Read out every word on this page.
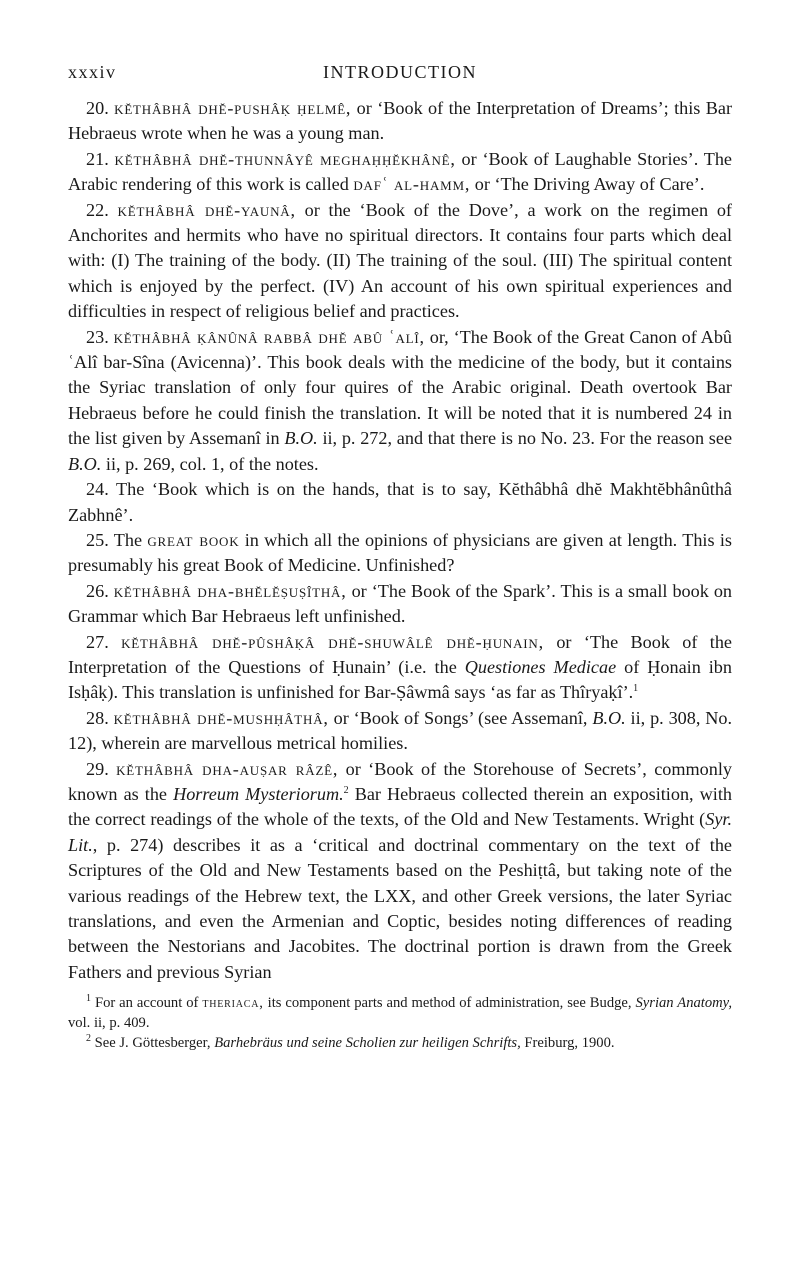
xxxiv	INTRODUCTION

20. kĕthâbhâ dhĕ-pushâḳ ḥelmê, or ‘Book of the Interpretation of Dreams’; this Bar Hebraeus wrote when he was a young man.

21. kĕthâbhâ dhĕ-thunnâyê meghaḥḥĕkhânê, or ‘Book of Laughable Stories’. The Arabic rendering of this work is called dafʿ al-hamm, or ‘The Driving Away of Care’.

22. kĕthâbhâ dhĕ-yaunâ, or the ‘Book of the Dove’, a work on the regimen of Anchorites and hermits who have no spiritual directors. It contains four parts which deal with: (I) The training of the body. (II) The training of the soul. (III) The spiritual content which is enjoyed by the perfect. (IV) An account of his own spiritual experiences and difficulties in respect of religious belief and practices.

23. kĕthâbhâ ḳânûnâ rabbâ dhĕ abû ʿalî, or, ‘The Book of the Great Canon of Abû ʿAlî bar-Sîna (Avicenna)’. This book deals with the medicine of the body, but it contains the Syriac translation of only four quires of the Arabic original. Death overtook Bar Hebraeus before he could finish the translation. It will be noted that it is numbered 24 in the list given by Assemanî in B.O. ii, p. 272, and that there is no No. 23. For the reason see B.O. ii, p. 269, col. 1, of the notes.

24. The ‘Book which is on the hands, that is to say, Kĕthâbhâ dhĕ Makhtĕbhânûthâ Zabhnê’.

25. The great book in which all the opinions of physicians are given at length. This is presumably his great Book of Medicine. Unfinished?

26. kĕthâbhâ dha-bhĕlĕṣuṣîthâ, or ‘The Book of the Spark’. This is a small book on Grammar which Bar Hebraeus left unfinished.

27. kĕthâbhâ dhĕ-pûshâḳâ dhĕ-shuwâlê dhĕ-ḥunain, or ‘The Book of the Interpretation of the Questions of Ḥunain’ (i.e. the Questiones Medicae of Ḥonain ibn Isḥâḳ). This translation is unfinished for Bar-Ṣâwmâ says ‘as far as Thîryaḳî’.$^1$

28. kĕthâbhâ dhĕ-mushḥâthâ, or ‘Book of Songs’ (see Assemanî, B.O. ii, p. 308, No. 12), wherein are marvellous metrical homilies.

29. kĕthâbhâ dha-auṣar râzê, or ‘Book of the Storehouse of Secrets’, commonly known as the Horreum Mysteriorum.$^2$ Bar Hebraeus collected therein an exposition, with the correct readings of the whole of the texts, of the Old and New Testaments. Wright (Syr. Lit., p. 274) describes it as a ‘critical and doctrinal commentary on the text of the Scriptures of the Old and New Testaments based on the Peshiṭtâ, but taking note of the various readings of the Hebrew text, the LXX, and other Greek versions, the later Syriac translations, and even the Armenian and Coptic, besides noting differences of reading between the Nestorians and Jacobites. The doctrinal portion is drawn from the Greek Fathers and previous Syrian

$^1$ For an account of theriaca, its component parts and method of administration, see Budge, Syrian Anatomy, vol. ii, p. 409.

$^2$ See J. Göttesberger, Barhebräus und seine Scholien zur heiligen Schrifts, Freiburg, 1900.
